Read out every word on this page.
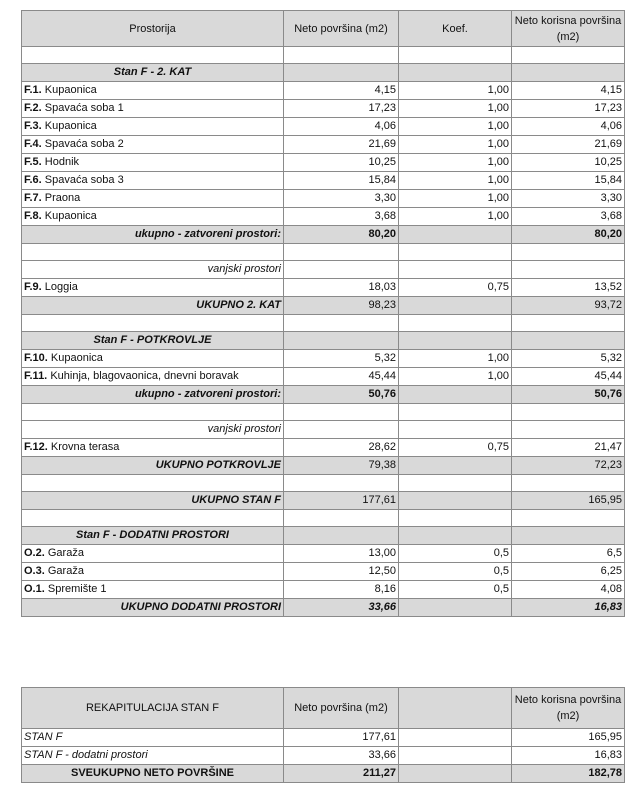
Prostorija	Neto površina (m2)	Koef.	Neto korisna površina (m2)

Stan F - 2. KAT			
F.1. Kupaonica	4,15	1,00	4,15
F.2. Spavaća soba 1	17,23	1,00	17,23
F.3. Kupaonica	4,06	1,00	4,06
F.4. Spavaća soba 2	21,69	1,00	21,69
F.5. Hodnik	10,25	1,00	10,25
F.6. Spavaća soba 3	15,84	1,00	15,84
F.7. Praona	3,30	1,00	3,30
F.8. Kupaonica	3,68	1,00	3,68
ukupno - zatvoreni prostori:	80,20		80,20

vanjski prostori			
F.9. Loggia	18,03	0,75	13,52
UKUPNO 2. KAT	98,23		93,72

Stan F - POTKROVLJE			
F.10. Kupaonica	5,32	1,00	5,32
F.11. Kuhinja, blagovaonica, dnevni boravak	45,44	1,00	45,44
ukupno - zatvoreni prostori:	50,76		50,76

vanjski prostori			
F.12. Krovna terasa	28,62	0,75	21,47
UKUPNO POTKROVLJE	79,38		72,23

UKUPNO STAN F	177,61		165,95

Stan F - DODATNI PROSTORI			
O.2. Garaža	13,00	0,5	6,5
O.3. Garaža	12,50	0,5	6,25
O.1. Spremište 1	8,16	0,5	4,08
UKUPNO DODATNI PROSTORI	33,66		16,83
REKAPITULACIJA STAN F	Neto površina (m2)		Neto korisna površina (m2)
STAN F	177,61		165,95
STAN F - dodatni prostori	33,66		16,83
SVEUKUPNO NETO POVRŠINE	211,27		182,78
